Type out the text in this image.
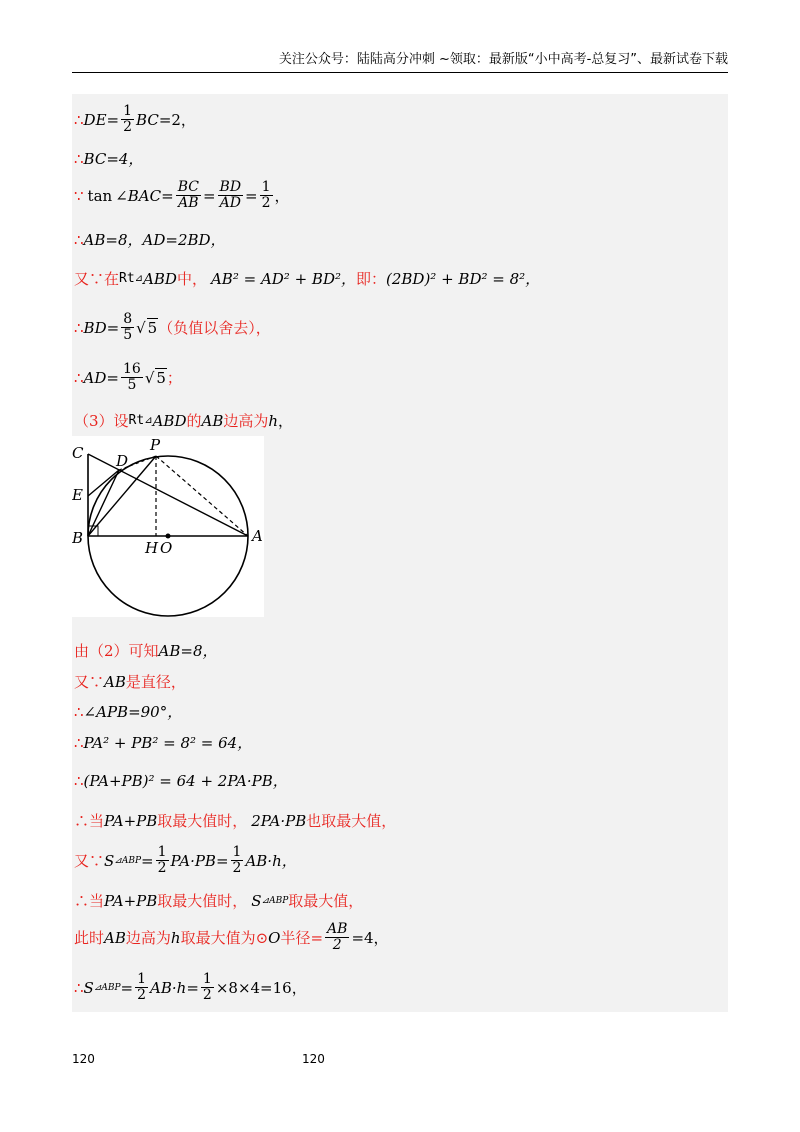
关注公众号：陆陆高分冲刺 ~领取：最新版“小中高考-总复习”、最新试卷下载
∴ DE = $\frac{1}{2}$ BC =2，
∴ BC=4，
∵ tan ∠ BAC = $\frac{BC}{AB} = \frac{BD}{AD} = \frac{1}{2}$ ，
∴ AB=8，AD=2BD，
又∵在 Rt ⊿ ABD 中， AB² = AD² + BD²， 即： (2BD)² + BD² = 8²，
∴ BD = $\frac{8}{5}$ √ 5 （负值以舍去），
∴ AD = $\frac{16}{5}$ √ 5 ；
（3）设 Rt ⊿ ABD 的 AB 边高为 h ，
C D
P
E
B
H O
A
由（2）可知 AB=8，
又∵ AB 是直径，
∴ ∠APB=90°，
∴ PA² + PB² = 8² = 64，
∴ (PA+PB)² = 64 + 2PA·PB，
∴当 PA+PB 取最大值时， 2PA·PB 也取最大值，
又∵ S ⊿ABP = $\frac{1}{2} PA\cdot PB= \frac{1}{2} AB\cdot h$，
∴当 PA+PB 取最大值时， S ⊿ABP 取最大值，
此时 AB 边高为 h 取最大值为⊙ O 半径= $\frac{AB}{2} =4$，
∴ S ⊿ABP = $\frac{1}{2} AB\cdot h= \frac{1}{2} \times 8\times 4=16$，
120	120
